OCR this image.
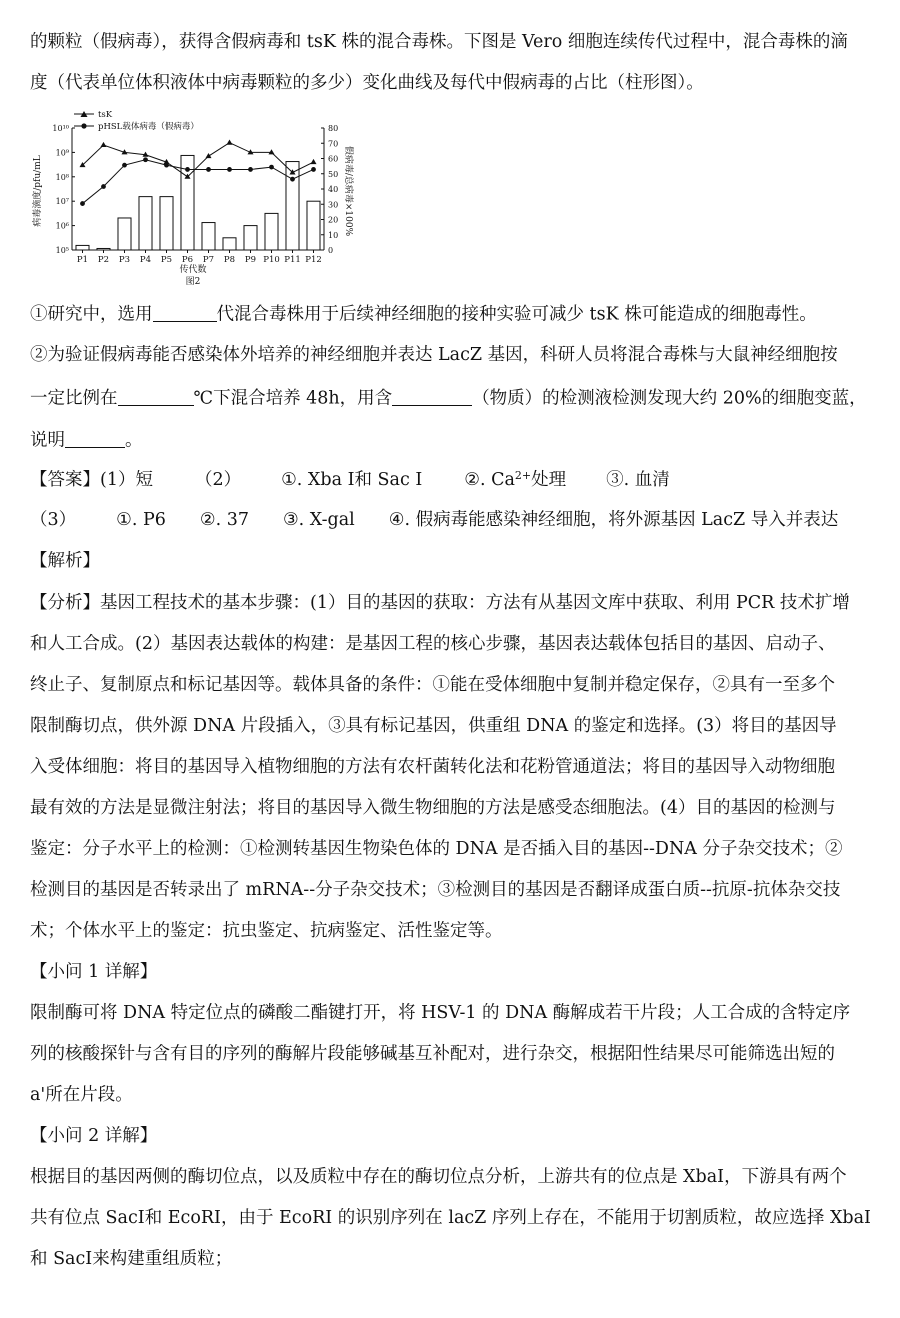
的颗粒（假病毒），获得含假病毒和 tsK 株的混合毒株。下图是 Vero 细胞连续传代过程中，混合毒株的滴
度（代表单位体积液体中病毒颗粒的多少）变化曲线及每代中假病毒的占比（柱形图）。
tsK
pHSL载体病毒（假病毒）
10⁵
10⁶
10⁷
10⁸
10⁹
10¹⁰
0
10
20
30
40
50
60
70
80
P1 P2 P3 P4 P5 P6 P7 P8 P9 P10 P11 P12
传代数
图2
病毒滴度/pfu/mL	假病毒/总病毒×100%
①研究中，选用	代混合毒株用于后续神经细胞的接种实验可减少 tsK 株可能造成的细胞毒性。
②为验证假病毒能否感染体外培养的神经细胞并表达 LacZ 基因，科研人员将混合毒株与大鼠神经细胞按
一定比例在	℃下混合培养 48h，用含	（物质）的检测液检测发现大约 20%的细胞变蓝，
说明	。
【答案】(1）短 （2） ①. Xba Ⅰ和 Sac Ⅰ ②. $Ca^{2+}$处理 ③. 血清
（3） ①. P6 ②. 37 ③. X-gal ④. 假病毒能感染神经细胞，将外源基因 LacZ 导入并表达
【解析】
【分析】基因工程技术的基本步骤：(1）目的基因的获取：方法有从基因文库中获取、利用 PCR 技术扩增
和人工合成。(2）基因表达载体的构建：是基因工程的核心步骤，基因表达载体包括目的基因、启动子、
终止子、复制原点和标记基因等。载体具备的条件：①能在受体细胞中复制并稳定保存，②具有一至多个
限制酶切点，供外源 DNA 片段插入，③具有标记基因，供重组 DNA 的鉴定和选择。(3）将目的基因导
入受体细胞：将目的基因导入植物细胞的方法有农杆菌转化法和花粉管通道法；将目的基因导入动物细胞
最有效的方法是显微注射法；将目的基因导入微生物细胞的方法是感受态细胞法。(4）目的基因的检测与
鉴定：分子水平上的检测：①检测转基因生物染色体的 DNA 是否插入目的基因--DNA 分子杂交技术；②
检测目的基因是否转录出了 mRNA--分子杂交技术；③检测目的基因是否翻译成蛋白质--抗原-抗体杂交技
术；个体水平上的鉴定：抗虫鉴定、抗病鉴定、活性鉴定等。
【小问 1 详解】
限制酶可将 DNA 特定位点的磷酸二酯键打开，将 HSV-1 的 DNA 酶解成若干片段；人工合成的含特定序
列的核酸探针与含有目的序列的酶解片段能够碱基互补配对，进行杂交，根据阳性结果尽可能筛选出短的
a'所在片段。
【小问 2 详解】
根据目的基因两侧的酶切位点，以及质粒中存在的酶切位点分析，上游共有的位点是 XbaI，下游具有两个
共有位点 SacI和 EcoRI，由于 EcoRI 的识别序列在 lacZ 序列上存在，不能用于切割质粒，故应选择 XbaI
和 SacI来构建重组质粒；
